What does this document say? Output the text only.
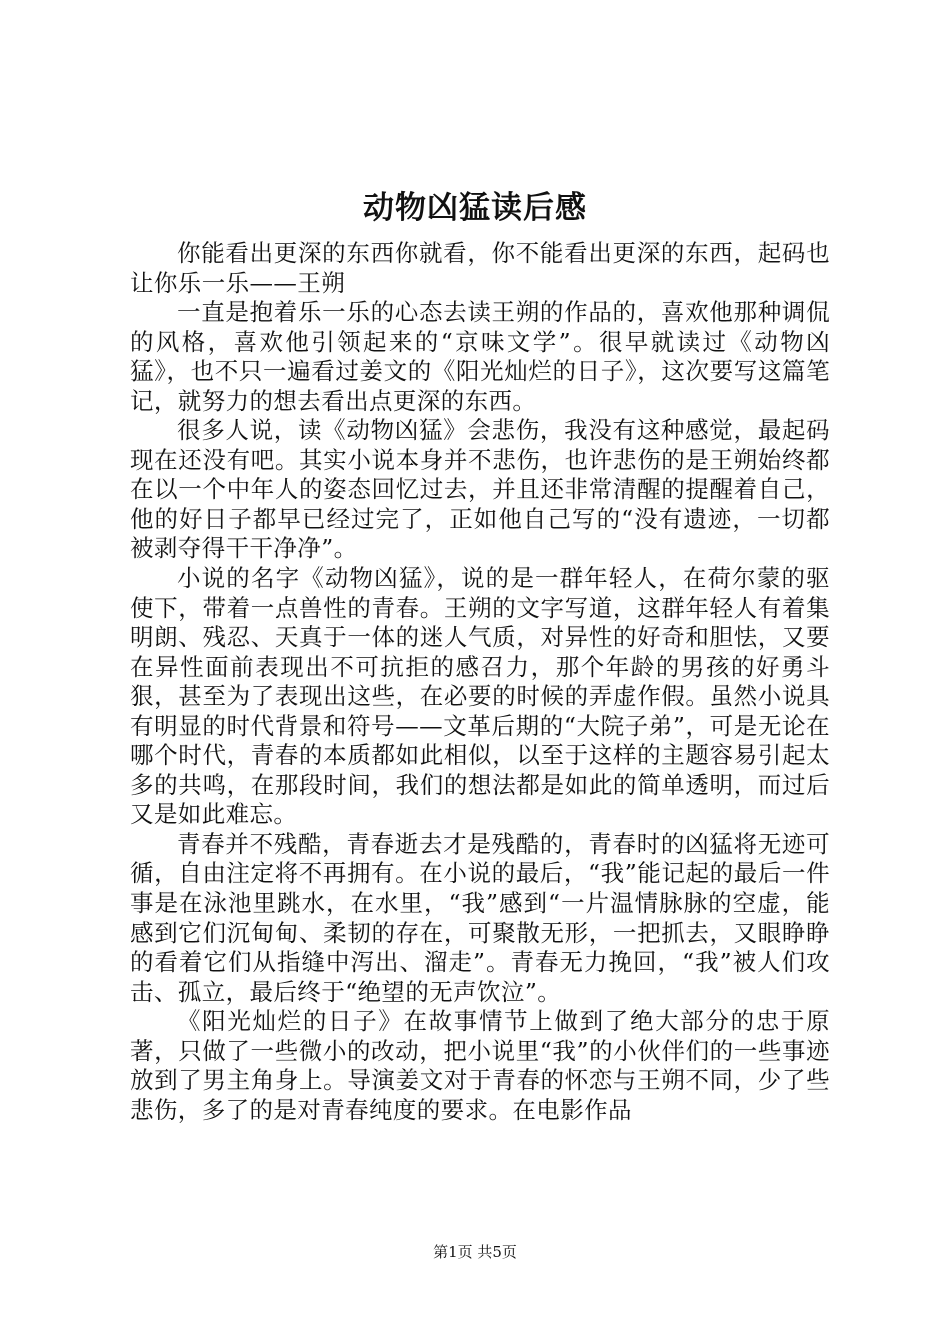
动物凶猛读后感

你能看出更深的东西你就看，你不能看出更深的东西，起码也让你乐一乐——王朔

一直是抱着乐一乐的心态去读王朔的作品的，喜欢他那种调侃的风格，喜欢他引领起来的“京味文学”。很早就读过《动物凶猛》，也不只一遍看过姜文的《阳光灿烂的日子》，这次要写这篇笔记，就努力的想去看出点更深的东西。

很多人说，读《动物凶猛》会悲伤，我没有这种感觉，最起码现在还没有吧。其实小说本身并不悲伤，也许悲伤的是王朔始终都在以一个中年人的姿态回忆过去，并且还非常清醒的提醒着自己，他的好日子都早已经过完了，正如他自己写的“没有遗迹，一切都被剥夺得干干净净”。

小说的名字《动物凶猛》，说的是一群年轻人，在荷尔蒙的驱使下，带着一点兽性的青春。王朔的文字写道，这群年轻人有着集明朗、残忍、天真于一体的迷人气质，对异性的好奇和胆怯，又要在异性面前表现出不可抗拒的感召力，那个年龄的男孩的好勇斗狠，甚至为了表现出这些，在必要的时候的弄虚作假。虽然小说具有明显的时代背景和符号——文革后期的“大院子弟”，可是无论在哪个时代，青春的本质都如此相似，以至于这样的主题容易引起太多的共鸣，在那段时间，我们的想法都是如此的简单透明，而过后又是如此难忘。

青春并不残酷，青春逝去才是残酷的，青春时的凶猛将无迹可循，自由注定将不再拥有。在小说的最后，“我”能记起的最后一件事是在泳池里跳水，在水里，“我”感到“一片温情脉脉的空虚，能感到它们沉甸甸、柔韧的存在，可聚散无形，一把抓去，又眼睁睁的看着它们从指缝中泻出、溜走”。青春无力挽回，“我”被人们攻击、孤立，最后终于“绝望的无声饮泣”。

《阳光灿烂的日子》在故事情节上做到了绝大部分的忠于原著，只做了一些微小的改动，把小说里“我”的小伙伴们的一些事迹放到了男主角身上。导演姜文对于青春的怀恋与王朔不同，少了些悲伤，多了的是对青春纯度的要求。在电影作品

第1页 共5页
